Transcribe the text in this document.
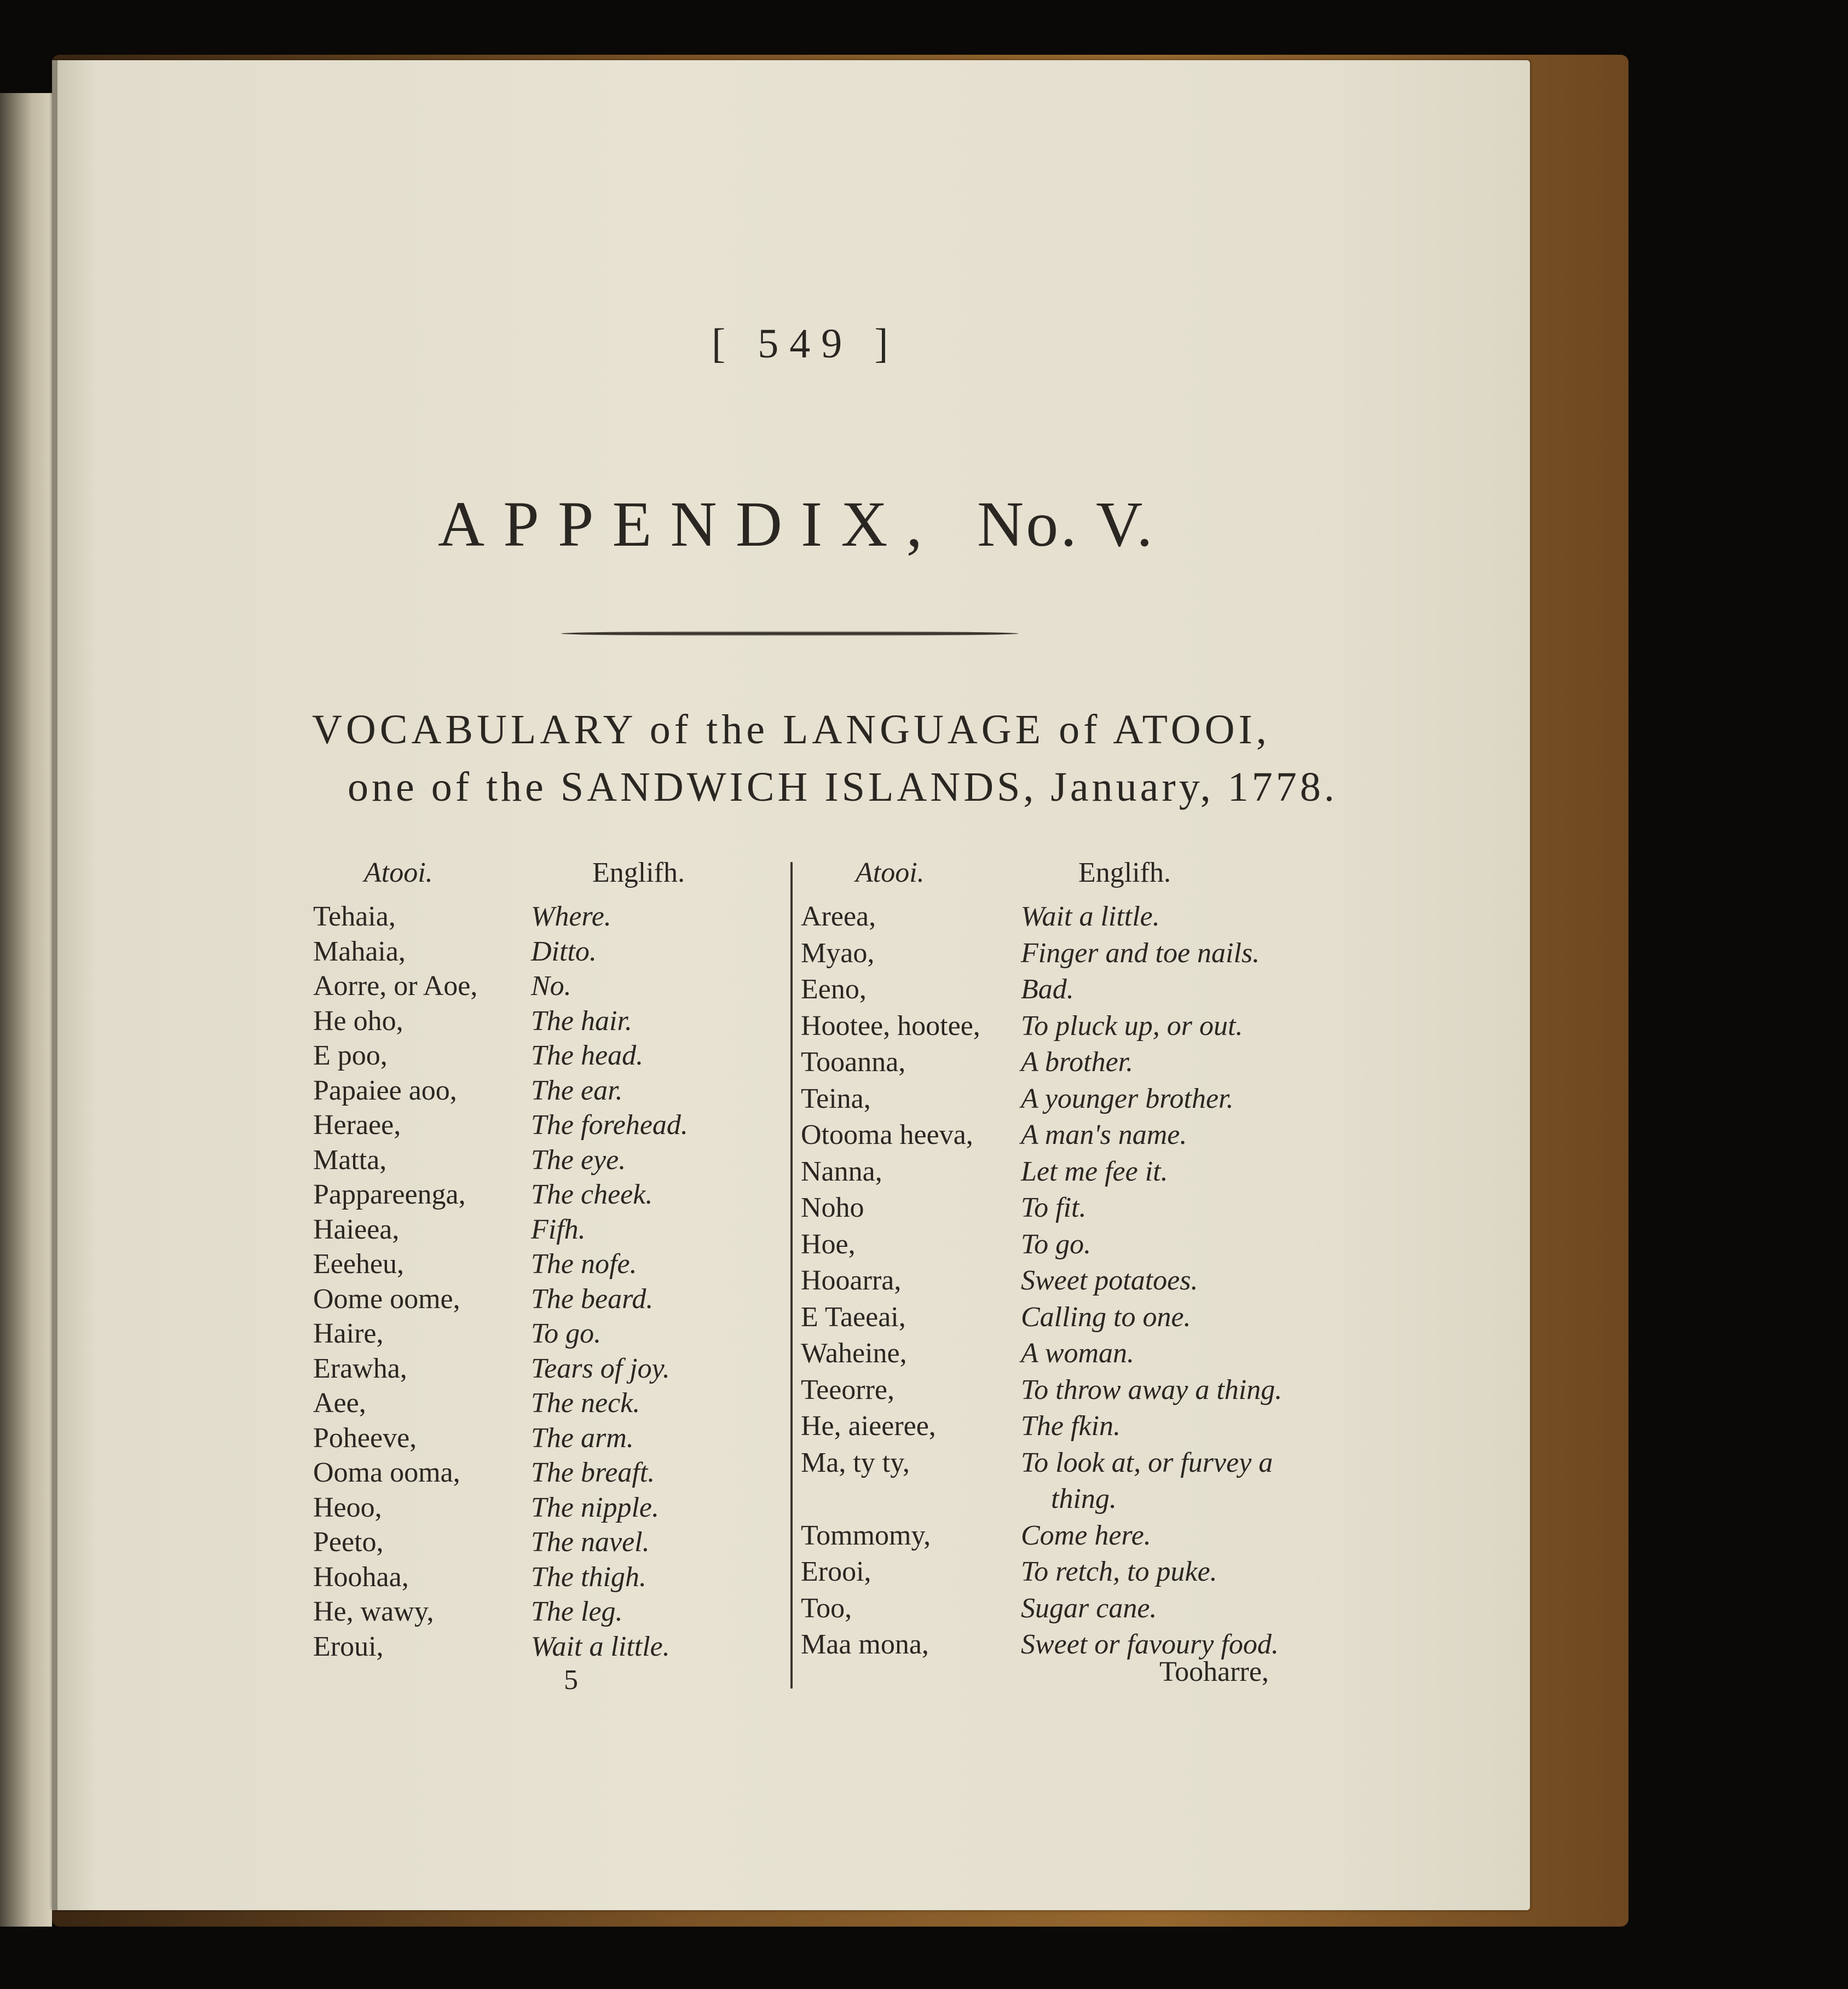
[ 549 ]
APPENDIX, No. V.
VOCABULARY of the LANGUAGE of ATOOI,
one of the SANDWICH ISLANDS, January, 1778.
Atooi.	Englifh.	Atooi.	Englifh.
Tehaia,	Where.
Mahaia,	Ditto.
Aorre, or Aoe, No.
He oho,	The hair.
E poo,	The head.
Papaiee aoo,	The ear.
Heraee,	The forehead.
Matta,	The eye.
Pappareenga, The cheek.
Haieea,	Fifh.
Eeeheu,	The nofe.
Oome oome, The beard.
Haire,	To go.
Erawha,	Tears of joy.
Aee,	The neck.
Poheeve,	The arm.
Ooma ooma, The breaft.
Heoo,	The nipple.
Peeto,	The navel.
Hoohaa,	The thigh.
He, wawy,	The leg.
Eroui,	Wait a little.
Areea,	Wait a little.
Myao,	Finger and toe nails.
Eeno,	Bad.
Hootee, hootee, To pluck up, or out.
Tooanna,	A brother.
Teina,	A younger brother.
Otooma heeva, A man's name.
Nanna,	Let me fee it.
Noho	To fit.
Hoe,	To go.
Hooarra,	Sweet potatoes.
E Taeeai,	Calling to one.
Waheine,	A woman.
Teeorre,	To throw away a thing.
He, aieeree,	The fkin.
Ma, ty ty,	To look at, or furvey a
thing.
Tommomy,	Come here.
Erooi,	To retch, to puke.
Too,	Sugar cane.
Maa mona,	Sweet or favoury food.
5	Tooharre,
